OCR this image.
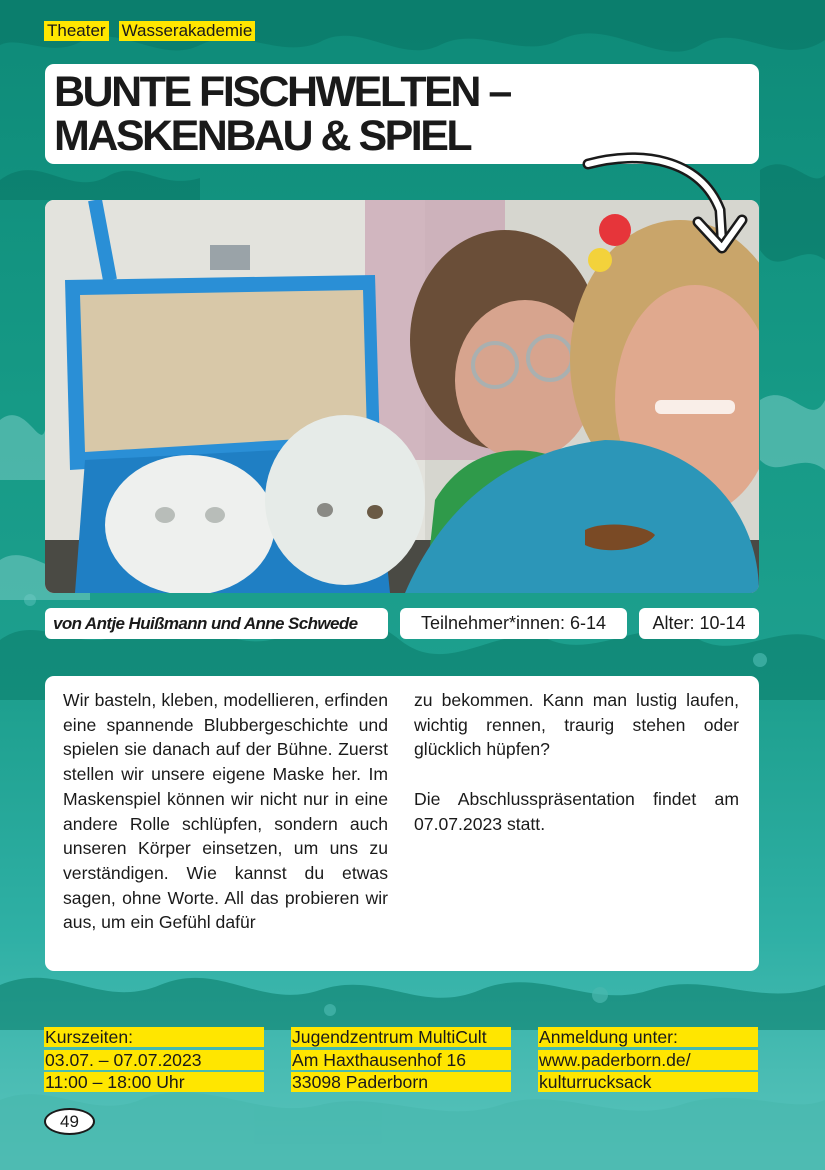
Theater Wasserakademie
BUNTE FISCHWELTEN –
MASKENBAU & SPIEL
von Antje Huißmann und Anne Schwede	Teilnehmer*innen: 6-14	Alter: 10-14

Wir basteln, kleben, modellieren, erfinden eine spannende Blubbergeschichte und spielen sie danach auf der Bühne. Zuerst stellen wir unsere eigene Maske her. Im Maskenspiel können wir nicht nur in eine andere Rolle schlüpfen, sondern auch unseren Körper einsetzen, um uns zu verständigen. Wie kannst du etwas sagen, ohne Worte. All das probieren wir aus, um ein Gefühl dafür

zu bekommen. Kann man lustig laufen, wichtig rennen, traurig stehen oder glücklich hüpfen?

Die Abschlusspräsentation findet am 07.07.2023 statt.

Kurszeiten:
03.07. – 07.07.2023
11:00 – 18:00 Uhr
Jugendzentrum MultiCult
Am Haxthausenhof 16
33098 Paderborn
Anmeldung unter:
www.paderborn.de/
kulturrucksack
49
